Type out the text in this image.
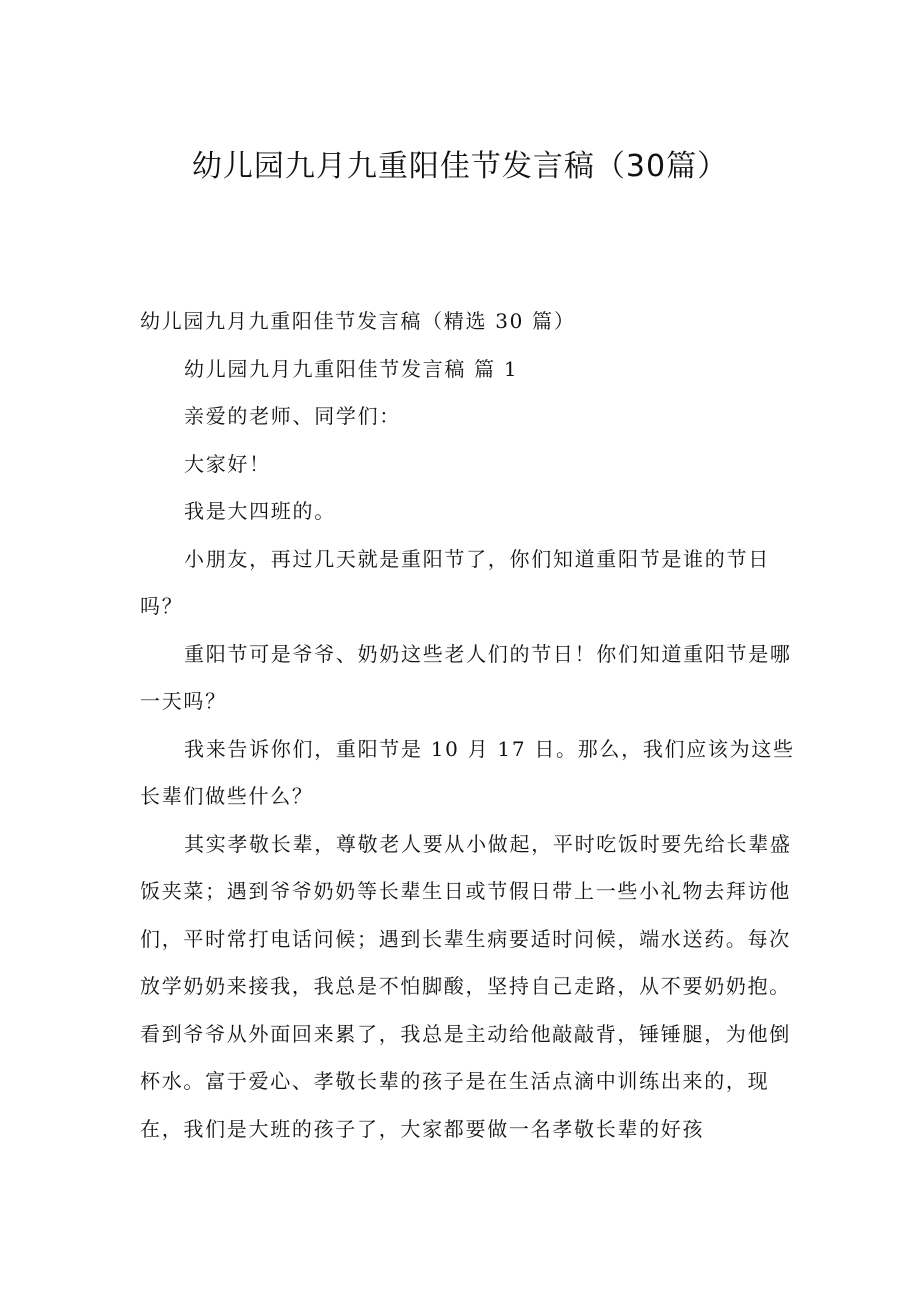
幼儿园九月九重阳佳节发言稿（30篇）

幼儿园九月九重阳佳节发言稿（精选 30 篇）

幼儿园九月九重阳佳节发言稿 篇 1

亲爱的老师、同学们：

大家好！

我是大四班的。

小朋友，再过几天就是重阳节了，你们知道重阳节是谁的节日吗？

重阳节可是爷爷、奶奶这些老人们的节日！你们知道重阳节是哪一天吗？

我来告诉你们，重阳节是 10 月 17 日。那么，我们应该为这些长辈们做些什么？

其实孝敬长辈，尊敬老人要从小做起，平时吃饭时要先给长辈盛饭夹菜；遇到爷爷奶奶等长辈生日或节假日带上一些小礼物去拜访他们，平时常打电话问候；遇到长辈生病要适时问候，端水送药。每次放学奶奶来接我，我总是不怕脚酸，坚持自己走路，从不要奶奶抱。看到爷爷从外面回来累了，我总是主动给他敲敲背，锤锤腿，为他倒杯水。富于爱心、孝敬长辈的孩子是在生活点滴中训练出来的，现在，我们是大班的孩子了，大家都要做一名孝敬长辈的好孩
